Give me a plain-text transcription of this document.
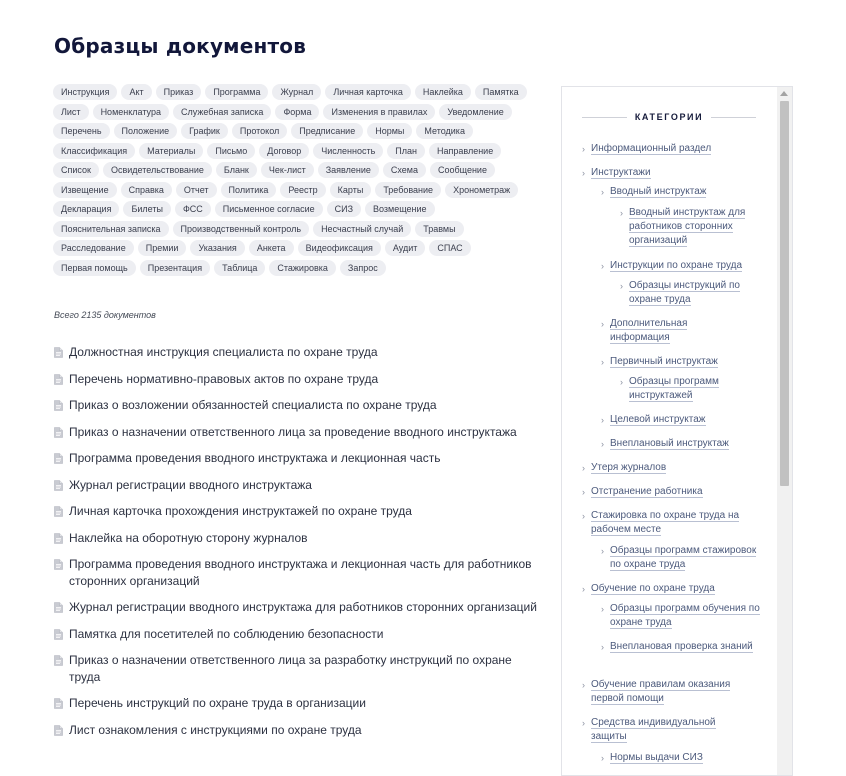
Образцы документов
Инструкция	Акт	Приказ	Программа	Журнал	Личная карточка	Наклейка	Памятка
Лист	Номенклатура	Служебная записка	Форма	Изменения в правилах	Уведомление
Перечень	Положение	График	Протокол	Предписание	Нормы	Методика
Классификация	Материалы	Письмо	Договор	Численность	План	Направление
Список	Освидетельствование	Бланк	Чек-лист	Заявление	Схема	Сообщение
Извещение	Справка	Отчет	Политика	Реестр	Карты	Требование	Хронометраж
Декларация	Билеты	ФСС	Письменное согласие	СИЗ	Возмещение
Пояснительная записка	Производственный контроль	Несчастный случай	Травмы
Расследование	Премии	Указания	Анкета	Видеофиксация	Аудит	СПАС
Первая помощь	Презентация	Таблица	Стажировка	Запрос
Всего 2135 документов
Должностная инструкция специалиста по охране труда
Перечень нормативно-правовых актов по охране труда
Приказ о возложении обязанностей специалиста по охране труда
Приказ о назначении ответственного лица за проведение вводного инструктажа
Программа проведения вводного инструктажа и лекционная часть
Журнал регистрации вводного инструктажа
Личная карточка прохождения инструктажей по охране труда
Наклейка на оборотную сторону журналов
Программа проведения вводного инструктажа и лекционная часть для работников сторонних организаций
Журнал регистрации вводного инструктажа для работников сторонних организаций
Памятка для посетителей по соблюдению безопасности
Приказ о назначении ответственного лица за разработку инструкций по охране труда
Перечень инструкций по охране труда в организации
Лист ознакомления с инструкциями по охране труда
КАТЕГОРИИ
› Информационный раздел
› Инструктажи
› Вводный инструктаж
› Вводный инструктаж для работников сторонних организаций
› Инструкции по охране труда
› Образцы инструкций по охране труда
› Дополнительная информация
› Первичный инструктаж
› Образцы программ инструктажей
› Целевой инструктаж
› Внеплановый инструктаж
› Утеря журналов
› Отстранение работника
› Стажировка по охране труда на рабочем месте
› Образцы программ стажировок по охране труда
› Обучение по охране труда
› Образцы программ обучения по охране труда
› Внеплановая проверка знаний
› Обучение правилам оказания первой помощи
› Средства индивидуальной защиты
› Нормы выдачи СИЗ
